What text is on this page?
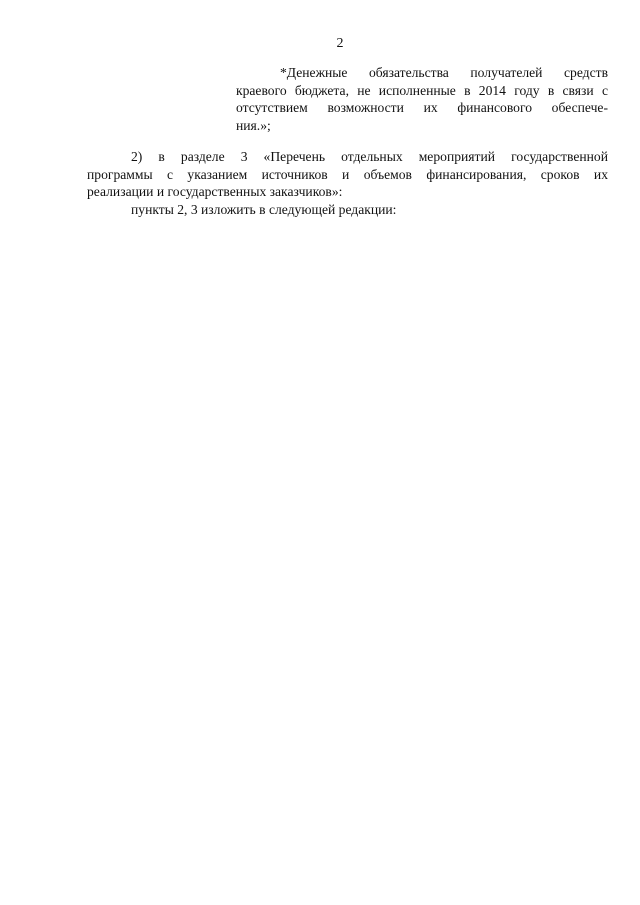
2
*Денежные обязательства получателей средств
краевого бюджета, не исполненные в 2014 году в связи с
отсутствием возможности их финансового обеспече-
ния.»;
2) в разделе 3 «Перечень отдельных мероприятий государственной
программы с указанием источников и объемов финансирования, сроков их
реализации и государственных заказчиков»:
пункты 2, 3 изложить в следующей редакции:
